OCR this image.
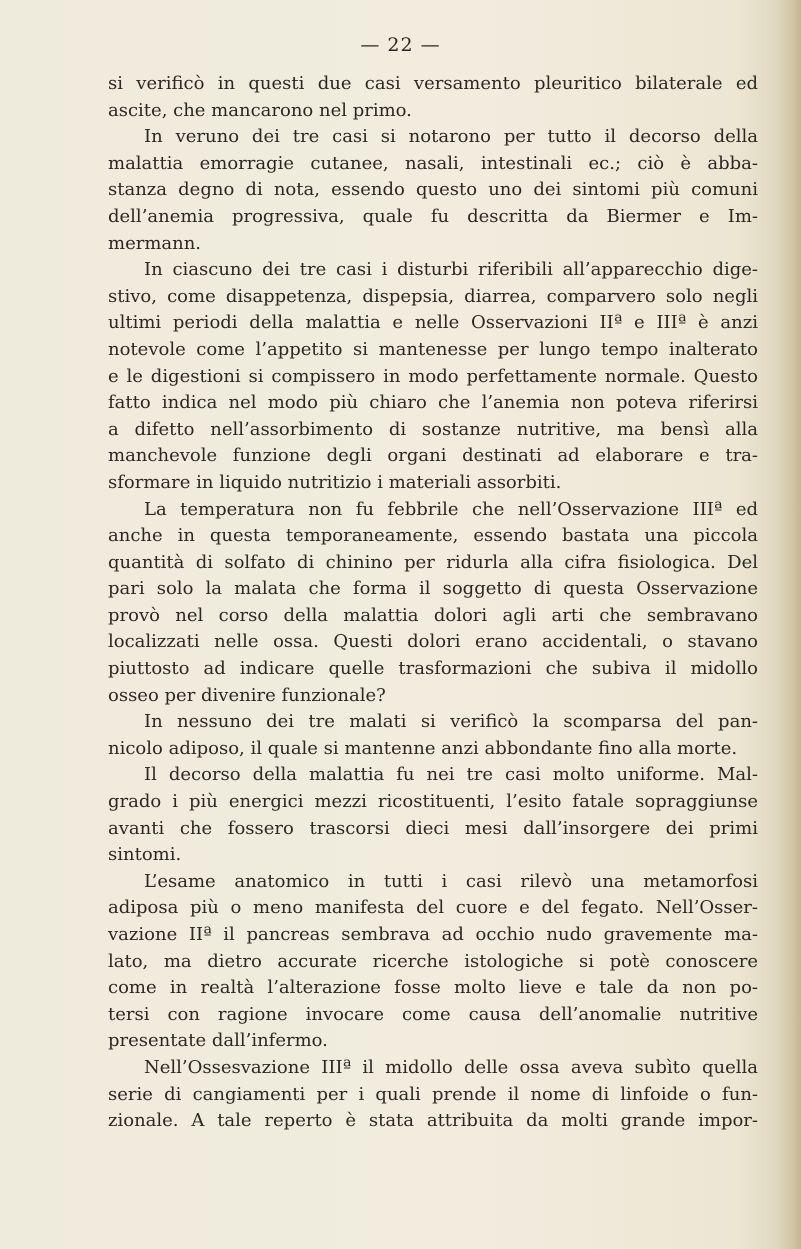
— 22 —
si verificò in questi due casi versamento pleuritico bilaterale ed
ascite, che mancarono nel primo.
In veruno dei tre casi si notarono per tutto il decorso della
malattia emorragie cutanee, nasali, intestinali ec.; ciò è abba-
stanza degno di nota, essendo questo uno dei sintomi più comuni
dell’anemia progressiva, quale fu descritta da Biermer e Im-
mermann.
In ciascuno dei tre casi i disturbi riferibili all’apparecchio dige-
stivo, come disappetenza, dispepsia, diarrea, comparvero solo negli
ultimi periodi della malattia e nelle Osservazioni IIª e IIIª è anzi
notevole come l’appetito si mantenesse per lungo tempo inalterato
e le digestioni si compissero in modo perfettamente normale. Questo
fatto indica nel modo più chiaro che l’anemia non poteva riferirsi
a difetto nell’assorbimento di sostanze nutritive, ma bensì alla
manchevole funzione degli organi destinati ad elaborare e tra-
sformare in liquido nutritizio i materiali assorbiti.
La temperatura non fu febbrile che nell’Osservazione IIIª ed
anche in questa temporaneamente, essendo bastata una piccola
quantità di solfato di chinino per ridurla alla cifra fisiologica. Del
pari solo la malata che forma il soggetto di questa Osservazione
provò nel corso della malattia dolori agli arti che sembravano
localizzati nelle ossa. Questi dolori erano accidentali, o stavano
piuttosto ad indicare quelle trasformazioni che subiva il midollo
osseo per divenire funzionale?
In nessuno dei tre malati si verificò la scomparsa del pan-
nicolo adiposo, il quale si mantenne anzi abbondante fino alla morte.
Il decorso della malattia fu nei tre casi molto uniforme. Mal-
grado i più energici mezzi ricostituenti, l’esito fatale sopraggiunse
avanti che fossero trascorsi dieci mesi dall’insorgere dei primi
sintomi.
L’esame anatomico in tutti i casi rilevò una metamorfosi
adiposa più o meno manifesta del cuore e del fegato. Nell’Osser-
vazione IIª il pancreas sembrava ad occhio nudo gravemente ma-
lato, ma dietro accurate ricerche istologiche si potè conoscere
come in realtà l’alterazione fosse molto lieve e tale da non po-
tersi con ragione invocare come causa dell’anomalie nutritive
presentate dall’infermo.
Nell’Ossesvazione IIIª il midollo delle ossa aveva subìto quella
serie di cangiamenti per i quali prende il nome di linfoide o fun-
zionale. A tale reperto è stata attribuita da molti grande impor-
